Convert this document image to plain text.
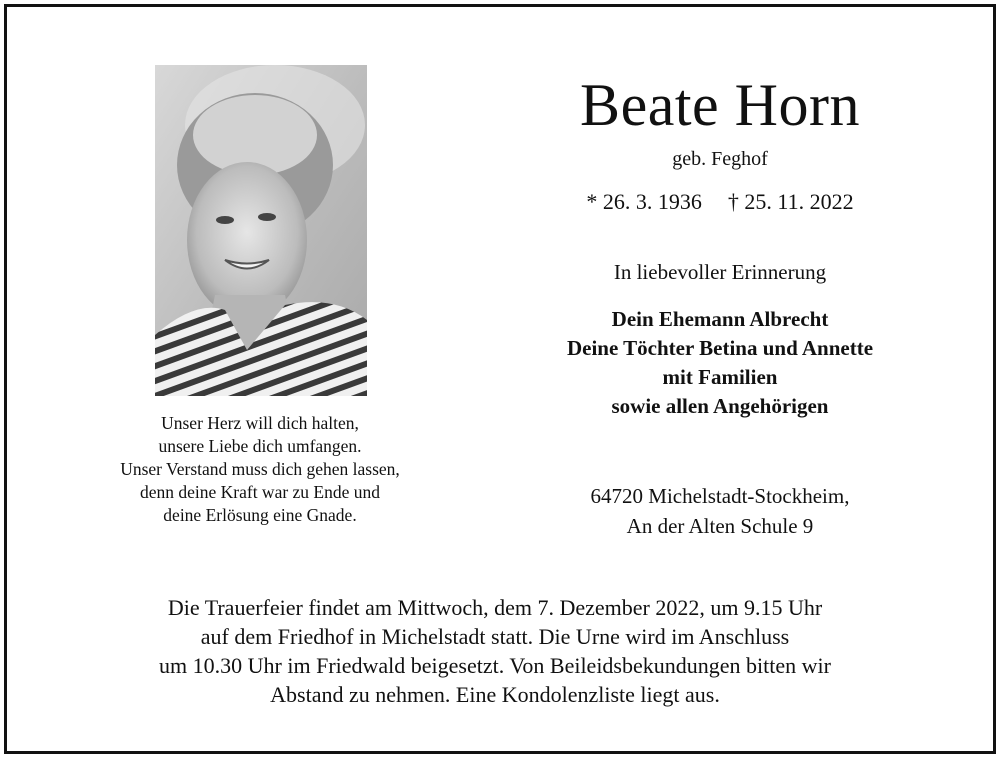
Unser Herz will dich halten,
unsere Liebe dich umfangen.
Unser Verstand muss dich gehen lassen,
denn deine Kraft war zu Ende und
deine Erlösung eine Gnade.
Beate Horn
geb. Feghof
* 26. 3. 1936 † 25. 11. 2022
In liebevoller Erinnerung
Dein Ehemann Albrecht
Deine Töchter Betina und Annette
mit Familien
sowie allen Angehörigen
64720 Michelstadt-Stockheim,
An der Alten Schule 9
Die Trauerfeier findet am Mittwoch, dem 7. Dezember 2022, um 9.15 Uhr
auf dem Friedhof in Michelstadt statt. Die Urne wird im Anschluss
um 10.30 Uhr im Friedwald beigesetzt. Von Beileidsbekundungen bitten wir
Abstand zu nehmen. Eine Kondolenzliste liegt aus.
